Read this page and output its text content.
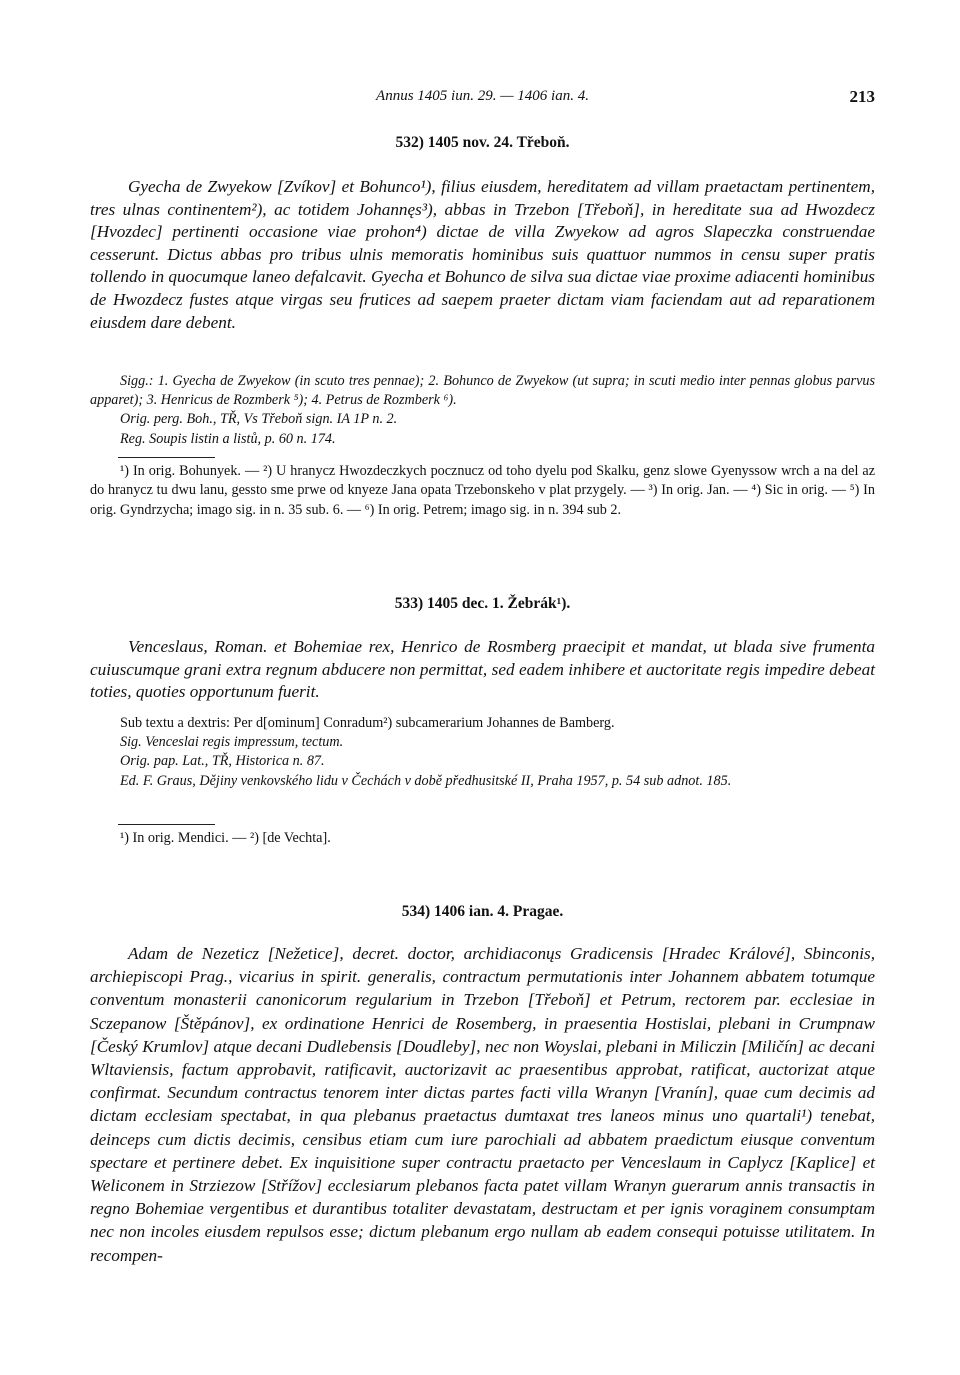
Annus 1405 iun. 29. — 1406 ian. 4.	213
532) 1405 nov. 24. Třeboň.

Gyecha de Zwyekow [Zvíkov] et Bohunco¹), filius eiusdem, hereditatem ad villam praetactam pertinentem, tres ulnas continentem²), ac totidem Johannęs³), abbas in Trzebon [Třeboň], in hereditate sua ad Hwozdecz [Hvozdec] pertinenti occasione viae prohon⁴) dictae de villa Zwyekow ad agros Slapeczka construendae cesserunt. Dictus abbas pro tribus ulnis memoratis hominibus suis quattuor nummos in censu super pratis tollendo in quocumque laneo defalcavit. Gyecha et Bohunco de silva sua dictae viae proxime adiacenti hominibus de Hwozdecz fustes atque virgas seu frutices ad saepem praeter dictam viam faciendam aut ad reparationem eiusdem dare debent.

Sigg.: 1. Gyecha de Zwyekow (in scuto tres pennae); 2. Bohunco de Zwyekow (ut supra; in scuti medio inter pennas globus parvus apparet); 3. Henricus de Rozmberk ⁵); 4. Petrus de Rozmberk ⁶).
Orig. perg. Boh., TŘ, Vs Třeboň sign. IA 1P n. 2.
Reg. Soupis listin a listů, p. 60 n. 174.

¹) In orig. Bohunyek. — ²) U hranycz Hwozdeczkych pocznucz od toho dyelu pod Skalku, genz slowe Gyenyssow wrch a na del az do hranycz tu dwu lanu, gessto sme prwe od knyeze Jana opata Trzebonskeho v plat przygely. — ³) In orig. Jan. — ⁴) Sic in orig. — ⁵) In orig. Gyndrzycha; imago sig. in n. 35 sub. 6. — ⁶) In orig. Petrem; imago sig. in n. 394 sub 2.

533) 1405 dec. 1. Žebrák¹).

Venceslaus, Roman. et Bohemiae rex, Henrico de Rosmberg praecipit et mandat, ut blada sive frumenta cuiuscumque grani extra regnum abducere non permittat, sed eadem inhibere et auctoritate regis impedire debeat toties, quoties opportunum fuerit.

Sub textu a dextris: Per d[ominum] Conradum²) subcamerarium Johannes de Bamberg.
Sig. Venceslai regis impressum, tectum.
Orig. pap. Lat., TŘ, Historica n. 87.
Ed. F. Graus, Dějiny venkovského lidu v Čechách v době předhusitské II, Praha 1957, p. 54 sub adnot. 185.

¹) In orig. Mendici. — ²) [de Vechta].

534) 1406 ian. 4. Pragae.

Adam de Nezeticz [Nežetice], decret. doctor, archidiaconųs Gradicensis [Hradec Králové], Sbinconis, archiepiscopi Prag., vicarius in spirit. generalis, contractum permutationis inter Johannem abbatem totumque conventum monasterii canonicorum regularium in Trzebon [Třeboň] et Petrum, rectorem par. ecclesiae in Sczepanow [Štěpánov], ex ordinatione Henrici de Rosemberg, in praesentia Hostislai, plebani in Crumpnaw [Český Krumlov] atque decani Dudlebensis [Doudleby], nec non Woyslai, plebani in Miliczin [Miličín] ac decani Wltaviensis, factum approbavit, ratificavit, auctorizavit ac praesentibus approbat, ratificat, auctorizat atque confirmat. Secundum contractus tenorem inter dictas partes facti villa Wranyn [Vranín], quae cum decimis ad dictam ecclesiam spectabat, in qua plebanus praetactus dumtaxat tres laneos minus uno quartali¹) tenebat, deinceps cum dictis decimis, censibus etiam cum iure parochiali ad abbatem praedictum eiusque conventum spectare et pertinere debet. Ex inquisitione super contractu praetacto per Venceslaum in Caplycz [Kaplice] et Weliconem in Strziezow [Střížov] ecclesiarum plebanos facta patet villam Wranyn guerarum annis transactis in regno Bohemiae vergentibus et durantibus totaliter devastatam, destructam et per ignis voraginem consumptam nec non incoles eiusdem repulsos esse; dictum plebanum ergo nullam ab eadem consequi potuisse utilitatem. In recompen-
